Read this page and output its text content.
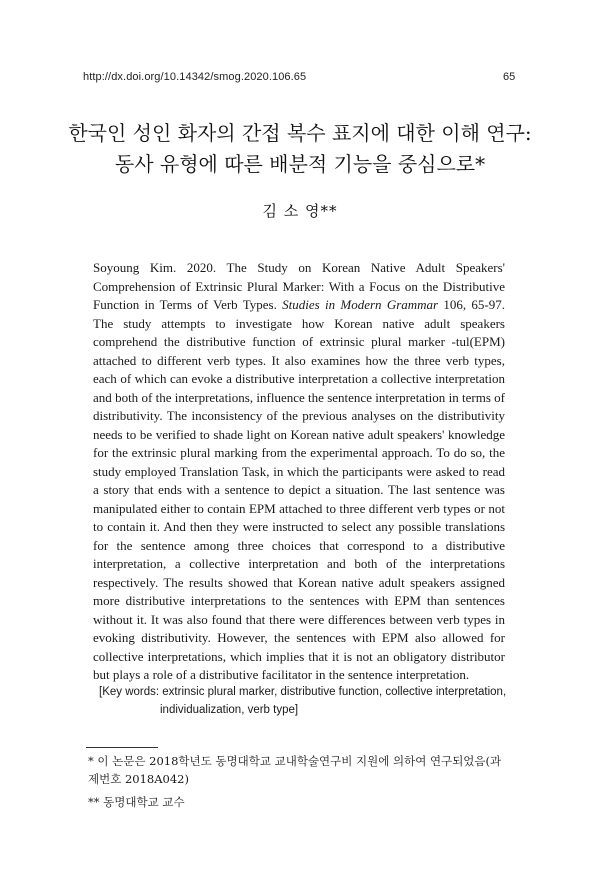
http://dx.doi.org/10.14342/smog.2020.106.65	65
한국인 성인 화자의 간접 복수 표지에 대한 이해 연구:
동사 유형에 따른 배분적 기능을 중심으로*
김 소 영**
Soyoung Kim. 2020. The Study on Korean Native Adult Speakers' Comprehension of Extrinsic Plural Marker: With a Focus on the Distributive Function in Terms of Verb Types. Studies in Modern Grammar 106, 65-97. The study attempts to investigate how Korean native adult speakers comprehend the distributive function of extrinsic plural marker -tul(EPM) attached to different verb types. It also examines how the three verb types, each of which can evoke a distributive interpretation a collective interpretation and both of the interpretations, influence the sentence interpretation in terms of distributivity. The inconsistency of the previous analyses on the distributivity needs to be verified to shade light on Korean native adult speakers' knowledge for the extrinsic plural marking from the experimental approach. To do so, the study employed Translation Task, in which the participants were asked to read a story that ends with a sentence to depict a situation. The last sentence was manipulated either to contain EPM attached to three different verb types or not to contain it. And then they were instructed to select any possible translations for the sentence among three choices that correspond to a distributive interpretation, a collective interpretation and both of the interpretations respectively. The results showed that Korean native adult speakers assigned more distributive interpretations to the sentences with EPM than sentences without it. It was also found that there were differences between verb types in evoking distributivity. However, the sentences with EPM also allowed for collective interpretations, which implies that it is not an obligatory distributor but plays a role of a distributive facilitator in the sentence interpretation.
[Key words: extrinsic plural marker, distributive function, collective interpretation,
individualization, verb type]
* 이 논문은 2018학년도 동명대학교 교내학술연구비 지원에 의하여 연구되었음(과제번호 2018A042)
** 동명대학교 교수
